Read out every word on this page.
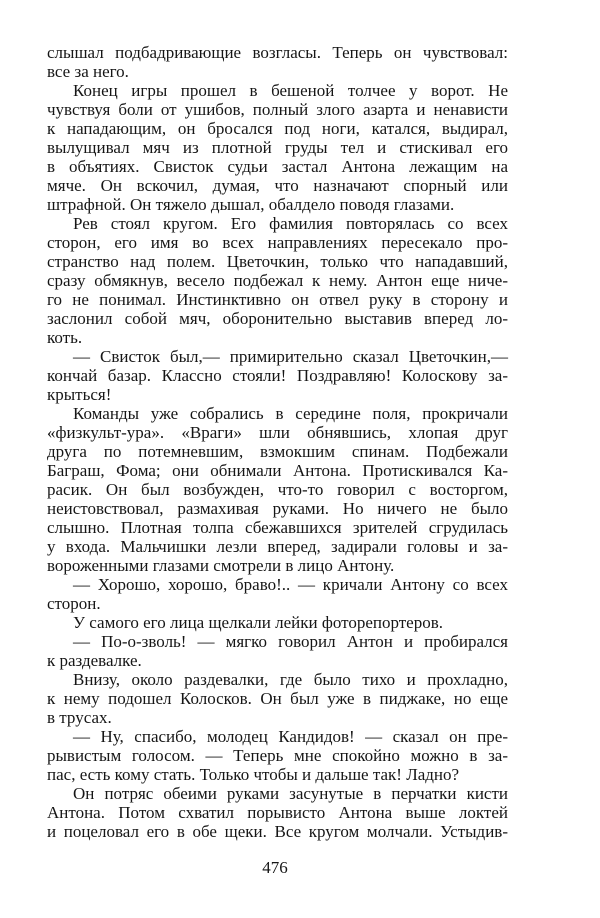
слышал подбадривающие возгласы. Теперь он чувствовал:
все за него.
Конец игры прошел в бешеной толчее у ворот. Не
чувствуя боли от ушибов, полный злого азарта и ненависти
к нападающим, он бросался под ноги, катался, выдирал,
вылущивал мяч из плотной груды тел и стискивал его
в объятиях. Свисток судьи застал Антона лежащим на
мяче. Он вскочил, думая, что назначают спорный или
штрафной. Он тяжело дышал, обалдело поводя глазами.
Рев стоял кругом. Его фамилия повторялась со всех
сторон, его имя во всех направлениях пересекало про-
странство над полем. Цветочкин, только что нападавший,
сразу обмякнув, весело подбежал к нему. Антон еще ниче-
го не понимал. Инстинктивно он отвел руку в сторону и
заслонил собой мяч, оборонительно выставив вперед ло-
коть.
— Свисток был,— примирительно сказал Цветочкин,—
кончай базар. Классно стояли! Поздравляю! Колоскову за-
крыться!
Команды уже собрались в середине поля, прокричали
«физкульт-ура». «Враги» шли обнявшись, хлопая друг
друга по потемневшим, взмокшим спинам. Подбежали
Баграш, Фома; они обнимали Антона. Протискивался Ка-
расик. Он был возбужден, что-то говорил с восторгом,
неистовствовал, размахивая руками. Но ничего не было
слышно. Плотная толпа сбежавшихся зрителей сгрудилась
у входа. Мальчишки лезли вперед, задирали головы и за-
вороженными глазами смотрели в лицо Антону.
— Хорошо, хорошо, браво!.. — кричали Антону со всех
сторон.
У самого его лица щелкали лейки фоторепортеров.
— По-о-зволь! — мягко говорил Антон и пробирался
к раздевалке.
Внизу, около раздевалки, где было тихо и прохладно,
к нему подошел Колосков. Он был уже в пиджаке, но еще
в трусах.
— Ну, спасибо, молодец Кандидов! — сказал он пре-
рывистым голосом. — Теперь мне спокойно можно в за-
пас, есть кому стать. Только чтобы и дальше так! Ладно?
Он потряс обеими руками засунутые в перчатки кисти
Антона. Потом схватил порывисто Антона выше локтей
и поцеловал его в обе щеки. Все кругом молчали. Устыдив-
476
